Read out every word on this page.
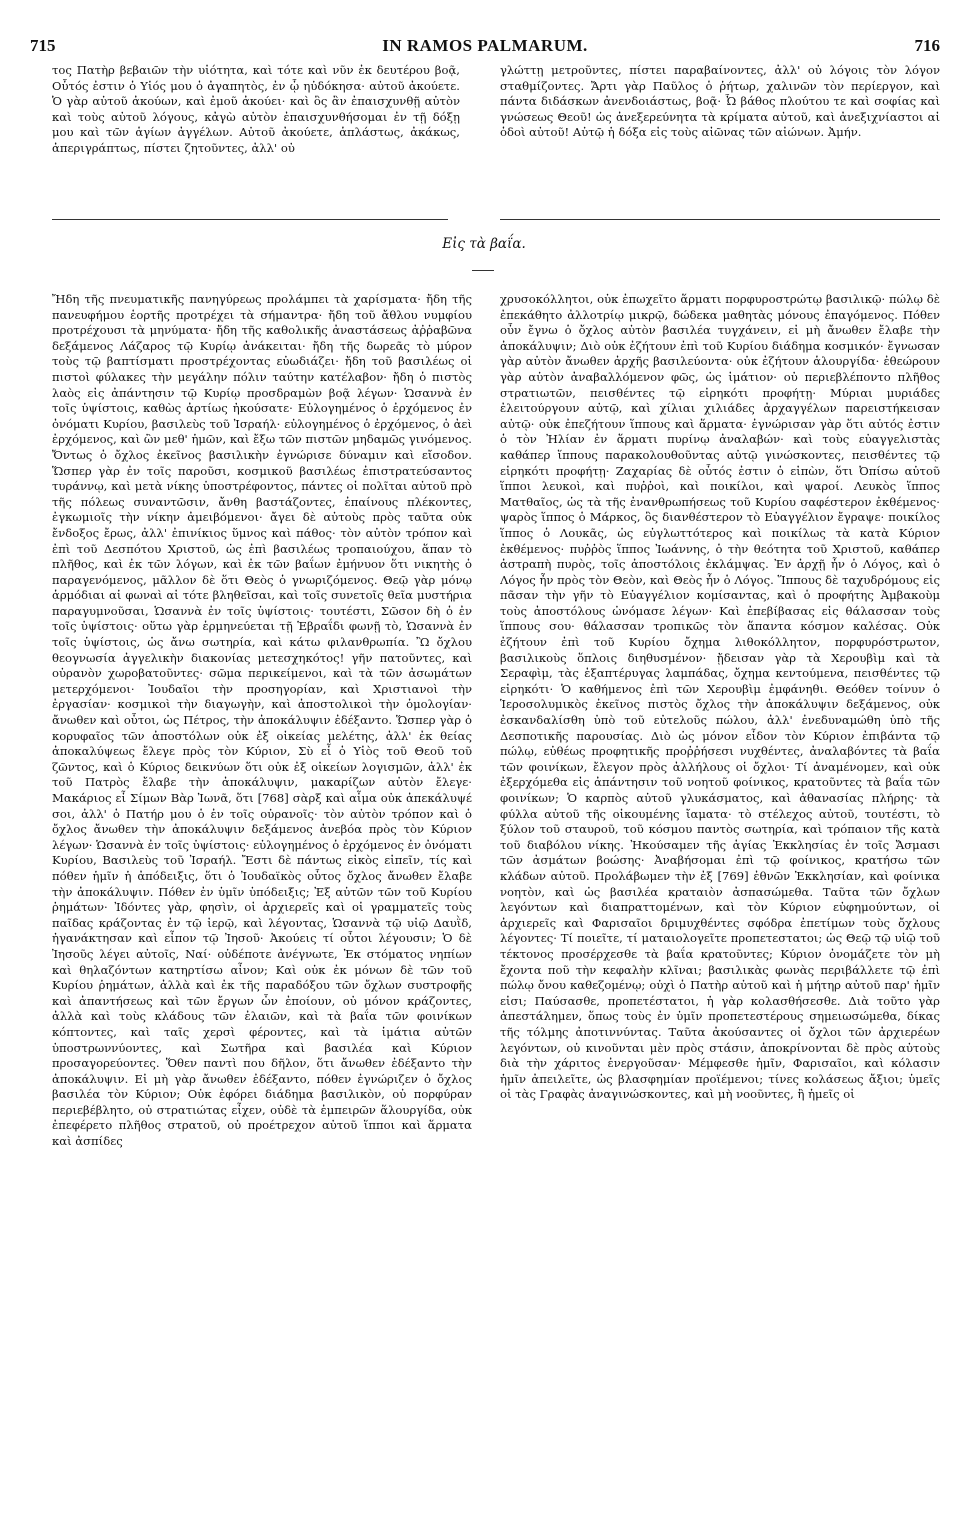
715	IN RAMOS PALMARUM.	716

τος Πατὴρ βεβαιῶν τὴν υἱότητα, καὶ τότε καὶ νῦν ἐκ δευτέρου βοᾷ, Οὗτός ἐστιν ὁ Υἱός μου ὁ ἀγαπητὸς, ἐν ᾧ ηὐδόκησα· αὐτοῦ ἀκούετε. Ὁ γὰρ αὐτοῦ ἀκούων, καὶ ἐμοῦ ἀκούει· καὶ ὃς ἂν ἐπαισχυνθῇ αὐτὸν καὶ τοὺς αὐτοῦ λόγους, κἀγὼ αὐτὸν ἐπαισχυνθήσομαι ἐν τῇ δόξῃ μου καὶ τῶν ἁγίων ἀγγέλων. Αὐτοῦ ἀκούετε, ἁπλάστως, ἀκάκως, ἀπεριγράπτως, πίστει ζητοῦντες, ἀλλ' οὐ

γλώττῃ μετροῦντες, πίστει παραβαίνοντες, ἀλλ' οὐ λόγοις τὸν λόγον σταθμίζοντες. Ἄρτι γὰρ Παῦλος ὁ ῥήτωρ, χαλινῶν τὸν περίεργον, καὶ πάντα διδάσκων ἀνενδοιάστως, βοᾷ· Ὦ βάθος πλούτου τε καὶ σοφίας καὶ γνώσεως Θεοῦ! ὡς ἀνεξερεύνητα τὰ κρίματα αὐτοῦ, καὶ ἀνεξιχνίαστοι αἱ ὁδοὶ αὐτοῦ! Αὐτῷ ἡ δόξα εἰς τοὺς αἰῶνας τῶν αἰώνων. Ἀμήν.

Εἰς τὰ βαΐα.

Ἤδη τῆς πνευματικῆς πανηγύρεως προλάμπει τὰ χαρίσματα· ἤδη τῆς πανευφήμου ἑορτῆς προτρέχει τὰ σήμαντρα· ἤδη τοῦ ἄθλου νυμφίου προτρέχουσι τὰ μηνύματα· ἤδη τῆς καθολικῆς ἀναστάσεως ἀῤῥαβῶνα δεξάμενος Λάζαρος τῷ Κυρίῳ ἀνάκειται· ἤδη τῆς δωρεᾶς τὸ μύρον τοὺς τῷ βαπτίσματι προστρέχοντας εὐωδιάζει· ἤδη τοῦ βασιλέως οἱ πιστοὶ φύλακες τὴν μεγάλην πόλιν ταύτην κατέλαβον· ἤδη ὁ πιστὸς λαὸς εἰς ἀπάντησιν τῷ Κυρίῳ προσδραμὼν βοᾷ λέγων· Ὡσαννὰ ἐν τοῖς ὑψίστοις, καθὼς ἀρτίως ἠκούσατε· Εὐλογημένος ὁ ἐρχόμενος ἐν ὀνόματι Κυρίου, βασιλεὺς τοῦ Ἰσραήλ· εὐλογημένος ὁ ἐρχόμενος, ὁ ἀεὶ ἐρχόμενος, καὶ ὢν μεθ' ἡμῶν, καὶ ἔξω τῶν πιστῶν μηδαμῶς γινόμενος. Ὄντως ὁ ὄχλος ἐκεῖνος βασιλικὴν ἐγνώρισε δύναμιν καὶ εἴσοδον. Ὥσπερ γὰρ ἐν τοῖς παροῦσι, κοσμικοῦ βασιλέως ἐπιστρατεύσαντος τυράννῳ, καὶ μετὰ νίκης ὑποστρέφοντος, πάντες οἱ πολῖται αὐτοῦ πρὸ τῆς πόλεως συναντῶσιν, ἄνθη βαστάζοντες, ἐπαίνους πλέκοντες, ἐγκωμιοῖς τὴν νίκην ἀμειβόμενοι· ἄγει δὲ αὐτοὺς πρὸς ταῦτα οὐκ ἔνδοξος ἔρως, ἀλλ' ἐπινίκιος ὕμνος καὶ πάθος· τὸν αὐτὸν τρόπον καὶ ἐπὶ τοῦ Δεσπότου Χριστοῦ, ὡς ἐπὶ βασιλέως τροπαιούχου, ἅπαν τὸ πλῆθος, καὶ ἐκ τῶν λόγων, καὶ ἐκ τῶν βαΐων ἐμήνυον ὅτι νικητὴς ὁ παραγενόμενος, μᾶλλον δὲ ὅτι Θεὸς ὁ γνωριζόμενος. Θεῷ γὰρ μόνῳ ἁρμόδιαι αἱ φωναὶ αἱ τότε βληθεῖσαι, καὶ τοῖς συνετοῖς θεῖα μυστήρια παραγυμνοῦσαι, Ὡσαννὰ ἐν τοῖς ὑψίστοις· τουτέστι, Σῶσον δὴ ὁ ἐν τοῖς ὑψίστοις· οὕτω γὰρ ἑρμηνεύεται τῇ Ἑβραΐδι φωνῇ τὸ, Ὡσαννὰ ἐν τοῖς ὑψίστοις, ὡς ἄνω σωτηρία, καὶ κάτω φιλανθρωπία. Ὢ ὄχλου θεογνωσία ἀγγελικὴν διακονίας μετεσχηκότος! γῆν πατοῦντες, καὶ οὐρανὸν χωροβατοῦντες· σῶμα περικείμενοι, καὶ τὰ τῶν ἀσωμάτων μετερχόμενοι· Ἰουδαῖοι τὴν προσηγορίαν, καὶ Χριστιανοὶ τὴν ἐργασίαν· κοσμικοὶ τὴν διαγωγὴν, καὶ ἀποστολικοὶ τὴν ὁμολογίαν· ἄνωθεν καὶ οὗτοι, ὡς Πέτρος, τὴν ἀποκάλυψιν ἐδέξαντο. Ὥσπερ γὰρ ὁ κορυφαῖος τῶν ἀποστόλων οὐκ ἐξ οἰκείας μελέτης, ἀλλ' ἐκ θείας ἀποκαλύψεως ἔλεγε πρὸς τὸν Κύριον, Σὺ εἶ ὁ Υἱὸς τοῦ Θεοῦ τοῦ ζῶντος, καὶ ὁ Κύριος δεικνύων ὅτι οὐκ ἐξ οἰκείων λογισμῶν, ἀλλ' ἐκ τοῦ Πατρὸς ἔλαβε τὴν ἀποκάλυψιν, μακαρίζων αὐτὸν ἔλεγε· Μακάριος εἶ Σίμων Βὰρ Ἰωνᾶ, ὅτι [768] σὰρξ καὶ αἷμα οὐκ ἀπεκάλυψέ σοι, ἀλλ' ὁ Πατήρ μου ὁ ἐν τοῖς οὐρανοῖς· τὸν αὐτὸν τρόπον καὶ ὁ ὄχλος ἄνωθεν τὴν ἀποκάλυψιν δεξάμενος ἀνεβόα πρὸς τὸν Κύριον λέγων· Ὡσαννὰ ἐν τοῖς ὑψίστοις· εὐλογημένος ὁ ἐρχόμενος ἐν ὀνόματι Κυρίου, Βασιλεὺς τοῦ Ἰσραήλ. Ἔστι δὲ πάντως εἰκὸς εἰπεῖν, τίς καὶ πόθεν ἡμῖν ἡ ἀπόδειξις, ὅτι ὁ Ἰουδαϊκὸς οὗτος ὄχλος ἄνωθεν ἔλαβε τὴν ἀποκάλυψιν. Πόθεν ἐν ὑμῖν ὑπόδειξις; Ἐξ αὐτῶν τῶν τοῦ Κυρίου ῥημάτων· Ἰδόντες γὰρ, φησὶν, οἱ ἀρχιερεῖς καὶ οἱ γραμματεῖς τοὺς παῖδας κράζοντας ἐν τῷ ἱερῷ, καὶ λέγοντας, Ὡσαννὰ τῷ υἱῷ Δαυῒδ, ἠγανάκτησαν καὶ εἶπον τῷ Ἰησοῦ· Ἀκούεις τί οὗτοι λέγουσιν; Ὁ δὲ Ἰησοῦς λέγει αὐτοῖς, Ναί· οὐδέποτε ἀνέγνωτε, Ἐκ στόματος νηπίων καὶ θηλαζόντων κατηρτίσω αἶνον; Καὶ οὐκ ἐκ μόνων δὲ τῶν τοῦ Κυρίου ῥημάτων, ἀλλὰ καὶ ἐκ τῆς παραδόξου τῶν ὄχλων συστροφῆς καὶ ἀπαντήσεως καὶ τῶν ἔργων ὧν ἐποίουν, οὐ μόνον κράζοντες, ἀλλὰ καὶ τοὺς κλάδους τῶν ἐλαιῶν, καὶ τὰ βαΐα τῶν φοινίκων κόπτοντες, καὶ ταῖς χερσὶ φέροντες, καὶ τὰ ἱμάτια αὐτῶν ὑποστρωννύοντες, καὶ Σωτῆρα καὶ βασιλέα καὶ Κύριον προσαγορεύοντες. Ὅθεν παντὶ που δῆλον, ὅτι ἄνωθεν ἐδέξαντο τὴν ἀποκάλυψιν. Εἰ μὴ γὰρ ἄνωθεν ἐδέξαντο, πόθεν ἐγνώριζεν ὁ ὄχλος βασιλέα τὸν Κύριον; Οὐκ ἐφόρει διάδημα βασιλικὸν, οὐ πορφύραν περιεβέβλητο, οὐ στρατιώτας εἶχεν, οὐδὲ τὰ ἐμπειρῶν ἅλουργίδα, οὐκ ἐπεφέρετο πλῆθος στρατοῦ, οὐ προέτρεχον αὐτοῦ ἵπποι καὶ ἅρματα καὶ ἀσπίδες

χρυσοκόλλητοι, οὐκ ἐπωχεῖτο ἅρματι πορφυροστρώτῳ βασιλικῷ· πώλῳ δὲ ἐπεκάθητο ἀλλοτρίῳ μικρῷ, δώδεκα μαθητὰς μόνους ἐπαγόμενος. Πόθεν οὖν ἔγνω ὁ ὄχλος αὐτὸν βασιλέα τυγχάνειν, εἰ μὴ ἄνωθεν ἔλαβε τὴν ἀποκάλυψιν; Διὸ οὐκ ἐζήτουν ἐπὶ τοῦ Κυρίου διάδημα κοσμικόν· ἔγνωσαν γὰρ αὐτὸν ἄνωθεν ἀρχῆς βασιλεύοντα· οὐκ ἐζήτουν ἁλουργίδα· ἐθεώρουν γὰρ αὐτὸν ἀναβαλλόμενον φῶς, ὡς ἱμάτιον· οὐ περιεβλέποντο πλῆθος στρατιωτῶν, πεισθέντες τῷ εἰρηκότι προφήτῃ· Μύριαι μυριάδες ἐλειτούργουν αὐτῷ, καὶ χίλιαι χιλιάδες ἀρχαγγέλων παρειστήκεισαν αὐτῷ· οὐκ ἐπεζήτουν ἵππους καὶ ἅρματα· ἐγνώρισαν γὰρ ὅτι αὐτός ἐστιν ὁ τὸν Ἠλίαν ἐν ἅρματι πυρίνῳ ἀναλαβών· καὶ τοὺς εὐαγγελιστὰς καθάπερ ἵππους παρακολουθοῦντας αὐτῷ γινώσκοντες, πεισθέντες τῷ εἰρηκότι προφήτῃ· Ζαχαρίας δὲ οὗτός ἐστιν ὁ εἰπὼν, ὅτι Ὀπίσω αὐτοῦ ἵπποι λευκοὶ, καὶ πυῤῥοὶ, καὶ ποικίλοι, καὶ ψαροί. Λευκὸς ἵππος Ματθαῖος, ὡς τὰ τῆς ἐνανθρωπήσεως τοῦ Κυρίου σαφέστερον ἐκθέμενος· ψαρὸς ἵππος ὁ Μάρκος, ὃς διανθέστερον τὸ Εὐαγγέλιον ἔγραψε· ποικίλος ἵππος ὁ Λουκᾶς, ὡς εὐγλωττότερος καὶ ποικίλως τὰ κατὰ Κύριον ἐκθέμενος· πυῤῥὸς ἵππος Ἰωάννης, ὁ τὴν θεότητα τοῦ Χριστοῦ, καθάπερ ἀστραπὴ πυρὸς, τοῖς ἀποστόλοις ἐκλάμψας. Ἐν ἀρχῇ ἦν ὁ Λόγος, καὶ ὁ Λόγος ἦν πρὸς τὸν Θεὸν, καὶ Θεὸς ἦν ὁ Λόγος. Ἵππους δὲ ταχυδρόμους εἰς πᾶσαν τὴν γῆν τὸ Εὐαγγέλιον κομίσαντας, καὶ ὁ προφήτης Ἀμβακοὺμ τοὺς ἀποστόλους ὠνόμασε λέγων· Καὶ ἐπεβίβασας εἰς θάλασσαν τοὺς ἵππους σου· θάλασσαν τροπικῶς τὸν ἅπαντα κόσμον καλέσας. Οὐκ ἐζήτουν ἐπὶ τοῦ Κυρίου ὄχημα λιθοκόλλητον, πορφυρόστρωτον, βασιλικοὺς ὅπλοις διηθυσμένον· ᾔδεισαν γὰρ τὰ Χερουβὶμ καὶ τὰ Σεραφὶμ, τὰς ἑξαπτέρυγας λαμπάδας, ὄχημα κεντούμενα, πεισθέντες τῷ εἰρηκότι· Ὁ καθήμενος ἐπὶ τῶν Χερουβὶμ ἐμφάνηθι. Θεόθεν τοίνυν ὁ Ἱεροσολυμικὸς ἐκεῖνος πιστὸς ὄχλος τὴν ἀποκάλυψιν δεξάμενος, οὐκ ἐσκανδαλίσθη ὑπὸ τοῦ εὐτελοῦς πώλου, ἀλλ' ἐνεδυναμώθη ὑπὸ τῆς Δεσποτικῆς παρουσίας. Διὸ ὡς μόνον εἶδον τὸν Κύριον ἐπιβάντα τῷ πώλῳ, εὐθέως προφητικῆς προῤῥήσεσι νυχθέντες, ἀναλαβόντες τὰ βαΐα τῶν φοινίκων, ἔλεγον πρὸς ἀλλήλους οἱ ὄχλοι· Τί ἀναμένομεν, καὶ οὐκ ἐξερχόμεθα εἰς ἀπάντησιν τοῦ νοητοῦ φοίνικος, κρατοῦντες τὰ βαΐα τῶν φοινίκων; Ὁ καρπὸς αὐτοῦ γλυκάσματος, καὶ ἀθανασίας πλήρης· τὰ φύλλα αὐτοῦ τῆς οἰκουμένης ἴαματα· τὸ στέλεχος αὐτοῦ, τουτέστι, τὸ ξύλον τοῦ σταυροῦ, τοῦ κόσμου παντὸς σωτηρία, καὶ τρόπαιον τῆς κατὰ τοῦ διαβόλου νίκης. Ἠκούσαμεν τῆς ἁγίας Ἐκκλησίας ἐν τοῖς Ἄσμασι τῶν ἀσμάτων βοώσης· Ἀναβήσομαι ἐπὶ τῷ φοίνικος, κρατήσω τῶν κλάδων αὐτοῦ. Προλάβωμεν τὴν ἐξ [769] ἐθνῶν Ἐκκλησίαν, καὶ φοίνικα νοητὸν, καὶ ὡς βασιλέα κραταιὸν ἀσπασώμεθα. Ταῦτα τῶν ὄχλων λεγόντων καὶ διαπραττομένων, καὶ τὸν Κύριον εὐφημούντων, οἱ ἀρχιερεῖς καὶ Φαρισαῖοι δριμυχθέντες σφόδρα ἐπετίμων τοὺς ὄχλους λέγοντες· Τί ποιεῖτε, τί ματαιολογεῖτε προπετεστατοι; ὡς Θεῷ τῷ υἱῷ τοῦ τέκτονος προσέρχεσθε τὰ βαΐα κρατοῦντες; Κύριον ὀνομάζετε τὸν μὴ ἔχοντα ποῦ τὴν κεφαλὴν κλῖναι; βασιλικὰς φωνὰς περιβάλλετε τῷ ἐπὶ πώλῳ ὄνου καθεζομένῳ; οὐχὶ ὁ Πατὴρ αὐτοῦ καὶ ἡ μήτηρ αὐτοῦ παρ' ἡμῖν εἰσι; Παύσασθε, προπετέστατοι, ἡ γὰρ κολασθήσεσθε. Διὰ τοῦτο γὰρ ἀπεστάλημεν, ὅπως τοὺς ἐν ὑμῖν προπετεστέρους σημειωσώμεθα, δίκας τῆς τόλμης ἀποτιννύντας. Ταῦτα ἀκούσαντες οἱ ὄχλοι τῶν ἀρχιερέων λεγόντων, οὐ κινοῦνται μὲν πρὸς στάσιν, ἀποκρίνονται δὲ πρὸς αὐτοὺς διὰ τὴν χάριτος ἐνεργοῦσαν· Μέμφεσθε ἡμῖν, Φαρισαῖοι, καὶ κόλασιν ἡμῖν ἀπειλεῖτε, ὡς βλασφημίαν προϊέμενοι; τίνες κολάσεως ἄξιοι; ὑμεῖς οἱ τὰς Γραφὰς ἀναγινώσκοντες, καὶ μὴ νοοῦντες, ἢ ἡμεῖς οἱ
